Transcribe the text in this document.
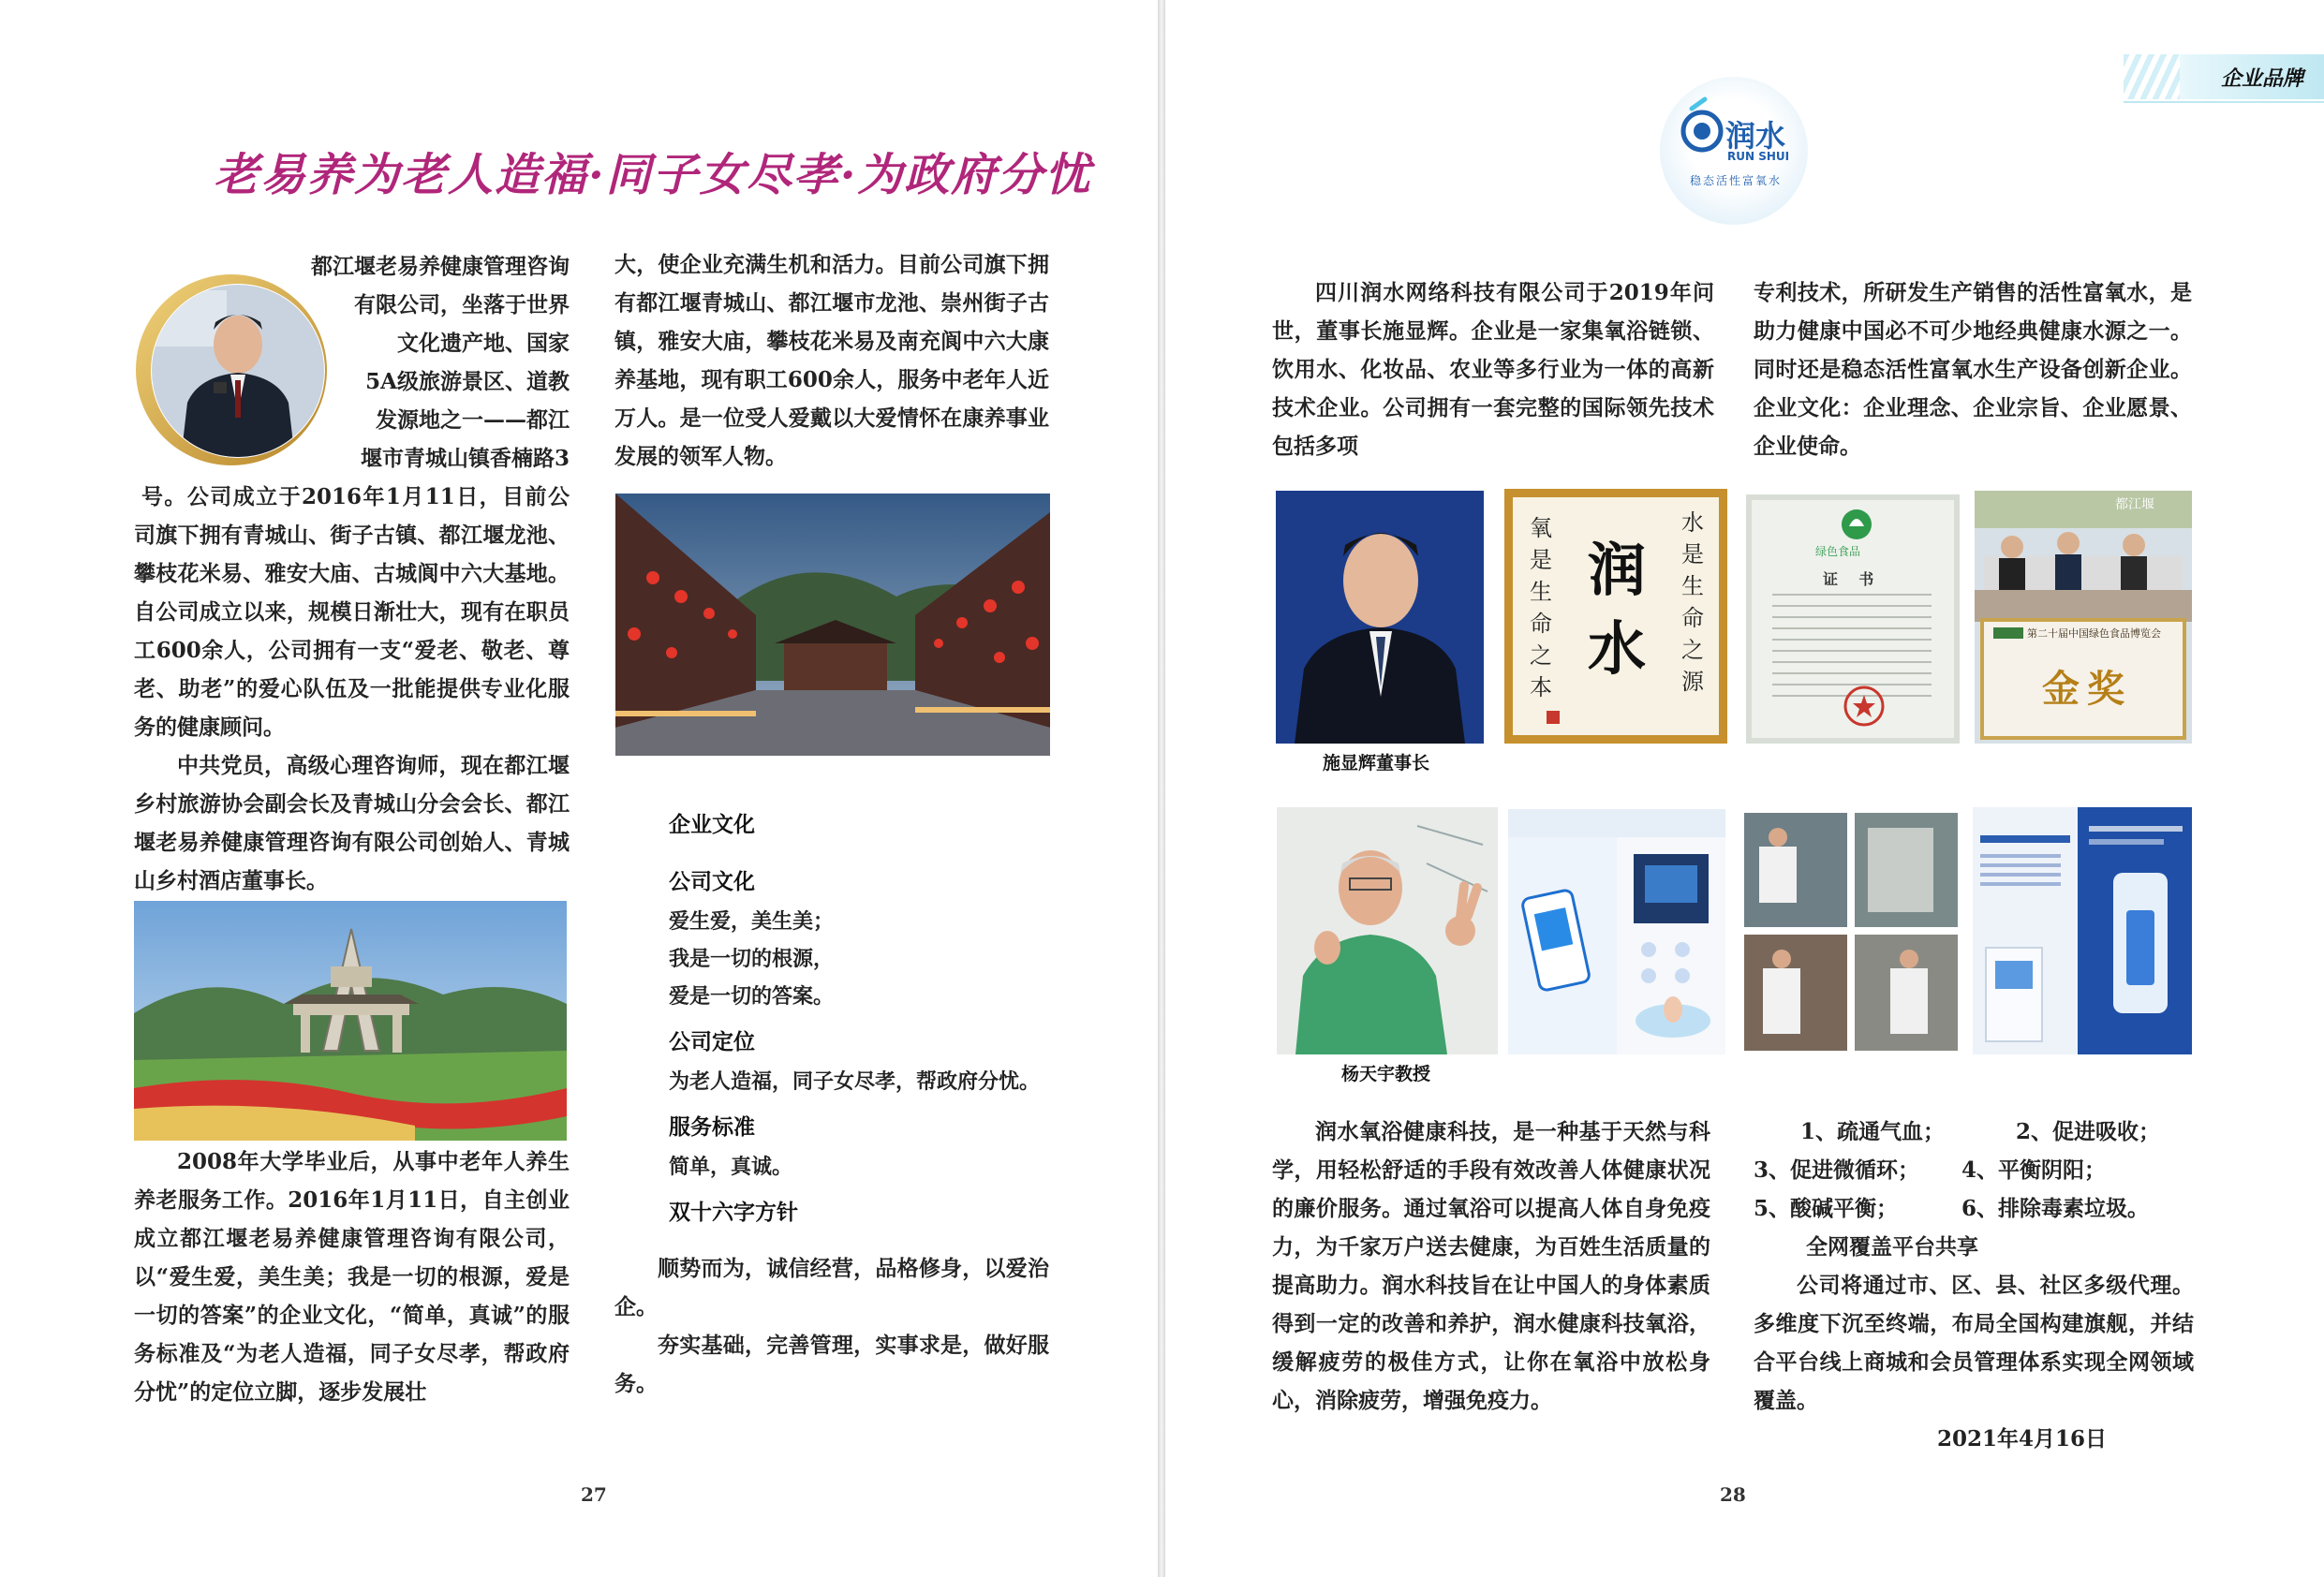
老易养为老人造福·同子女尽孝·为政府分忧
都江堰老易养健康管理咨询
有限公司，坐落于世界
文化遗产地、国家
5A级旅游景区、道教
发源地之一——都江
堰市青城山镇香楠路3

号。公司成立于2016年1月11日，目前公司旗下拥有青城山、街子古镇、都江堰龙池、攀枝花米易、雅安大庙、古城阆中六大基地。自公司成立以来，规模日渐壮大，现有在职员工600余人，公司拥有一支“爱老、敬老、尊老、助老”的爱心队伍及一批能提供专业化服务的健康顾问。

中共党员，高级心理咨询师，现在都江堰乡村旅游协会副会长及青城山分会会长、都江堰老易养健康管理咨询有限公司创始人、青城山乡村酒店董事长。

2008年大学毕业后，从事中老年人养生养老服务工作。2016年1月11日，自主创业成立都江堰老易养健康管理咨询有限公司，以“爱生爱，美生美；我是一切的根源，爱是一切的答案”的企业文化，“简单，真诚”的服务标准及“为老人造福，同子女尽孝，帮政府分忧”的定位立脚，逐步发展壮

大，使企业充满生机和活力。目前公司旗下拥有都江堰青城山、都江堰市龙池、崇州街子古镇，雅安大庙，攀枝花米易及南充阆中六大康养基地，现有职工600余人，服务中老年人近万人。是一位受人爱戴以大爱情怀在康养事业发展的领军人物。

企业文化
公司文化

爱生爱，美生美；

我是一切的根源，

爱是一切的答案。

公司定位

为老人造福，同子女尽孝，帮政府分忧。

服务标准

简单，真诚。

双十六字方针

顺势而为，诚信经营，品格修身，以爱治企。

夯实基础，完善管理，实事求是，做好服务。

27
企业品牌
润水
RUN SHUI
稳态活性富氧水

四川润水网络科技有限公司于2019年问世，董事长施显辉。企业是一家集氧浴链锁、饮用水、化妆品、农业等多行业为一体的高新技术企业。公司拥有一套完整的国际领先技术包括多项

专利技术，所研发生产销售的活性富氧水，是助力健康中国必不可少地经典健康水源之一。同时还是稳态活性富氧水生产设备创新企业。企业文化：企业理念、企业宗旨、企业愿景、企业使命。

施显辉董事长
润水
氧是生命之本
水是生命之源
绿色食品
证    书
第二十届中国绿色食品博览会
金奖
都江堰
杨天宇教授

润水氧浴健康科技，是一种基于天然与科学，用轻松舒适的手段有效改善人体健康状况的廉价服务。通过氧浴可以提高人体自身免疫力，为千家万户送去健康，为百姓生活质量的提高助力。润水科技旨在让中国人的身体素质得到一定的改善和养护，润水健康科技氧浴，缓解疲劳的极佳方式，让你在氧浴中放松身心，消除疲劳，增强免疫力。

1、疏通气血；	2、促进吸收；
3、促进微循环；	4、平衡阴阳；
5、酸碱平衡；	6、排除毒素垃圾。
全网覆盖平台共享

公司将通过市、区、县、社区多级代理。多维度下沉至终端，布局全国构建旗舰，并结合平台线上商城和会员管理体系实现全网领域覆盖。

2021年4月16日
28
